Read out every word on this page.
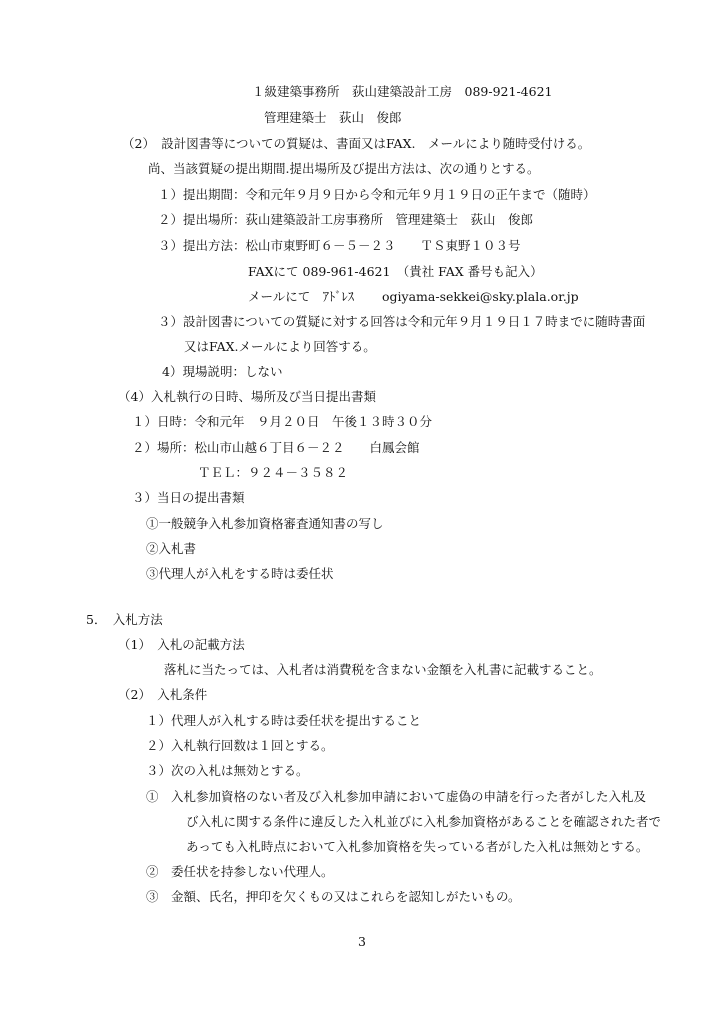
１級建築事務所　荻山建築設計工房　089-921-4621
管理建築士　荻山　俊郎
（2）　設計図書等についての質疑は、書面又はFAX.　メールにより随時受付ける。
尚、当該質疑の提出期間.提出場所及び提出方法は、次の通りとする。
１）提出期間：令和元年９月９日から令和元年９月１９日の正午まで（随時）
２）提出場所：荻山建築設計工房事務所　管理建築士　荻山　俊郎
３）提出方法：松山市東野町６－５－２３　　ＴＳ東野１０３号
FAXにて 089-961-4621　（貴社 FAX 番号も記入）
メールにて　ｱﾄﾞﾚｽ ogiyama-sekkei@sky.plala.or.jp
３）設計図書についての質疑に対する回答は令和元年９月１９日１７時までに随時書面
又はFAX.メールにより回答する。
4）現場説明：しない
（4）入札執行の日時、場所及び当日提出書類
１）日時：令和元年　９月２０日　午後１３時３０分
２）場所：松山市山越６丁目６－２２　　白鳳会館
ＴＥＬ：９２４－３５８２
３）当日の提出書類
①一般競争入札参加資格審査通知書の写し
②入札書
③代理人が入札をする時は委任状
5．　入札方法
（1）　入札の記載方法
落札に当たっては、入札者は消費税を含まない金額を入札書に記載すること。
（2）　入札条件
１）代理人が入札する時は委任状を提出すること
２）入札執行回数は１回とする。
３）次の入札は無効とする。
①　入札参加資格のない者及び入札参加申請において虚偽の申請を行った者がした入札及
び入札に関する条件に違反した入札並びに入札参加資格があることを確認された者で
あっても入札時点において入札参加資格を失っている者がした入札は無効とする。
②　委任状を持参しない代理人。
③　金額、氏名，押印を欠くもの又はこれらを認知しがたいもの。
3
